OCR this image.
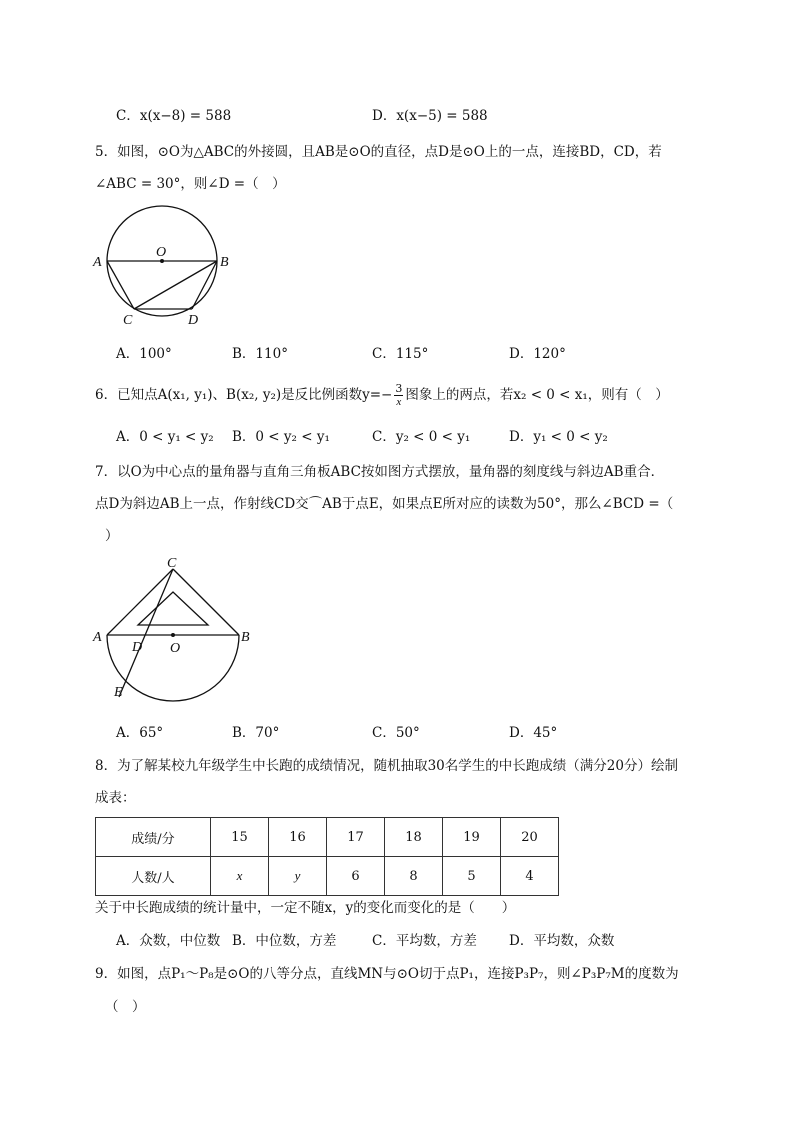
C．x(x−8) = 588	D．x(x−5) = 588
5．如图，⊙O为△ABC的外接圆，且AB是⊙O的直径，点D是⊙O上的一点，连接BD，CD，若
∠ABC = 30°，则∠D =（　）
A	B
O
C	D
A．100°	B．110°	C．115°	D．120°
6．已知点A(x₁, y₁)、B(x₂, y₂)是反比例函数$y=- \frac{3}{x}$ 图象上的两点，若x₂ < 0 < x₁，则有（　）
A．0 < y₁ < y₂ B．0 < y₂ < y₁	C．y₂ < 0 < y₁	D．y₁ < 0 < y₂
7．以O为中心点的量角器与直角三角板ABC按如图方式摆放，量角器的刻度线与斜边AB重合．
点D为斜边AB上一点，作射线CD交⌒AB于点E，如果点E所对应的读数为50°，那么∠BCD =（
）
C
A	B
D O
E
A．65°	B．70°	C．50°	D．45°
8．为了解某校九年级学生中长跑的成绩情况，随机抽取30名学生的中长跑成绩（满分20分）绘制
成表：
成绩/分	15	16	17	18	19	20
人数/人	x	y	6	8	5	4
关于中长跑成绩的统计量中，一定不随x，y的变化而变化的是（　　）
A．众数，中位数 B．中位数，方差	C．平均数，方差 D．平均数，众数
9．如图，点P₁～P₈是⊙O的八等分点，直线MN与⊙O切于点P₁，连接P₃P₇，则∠P₃P₇M的度数为
（　）
